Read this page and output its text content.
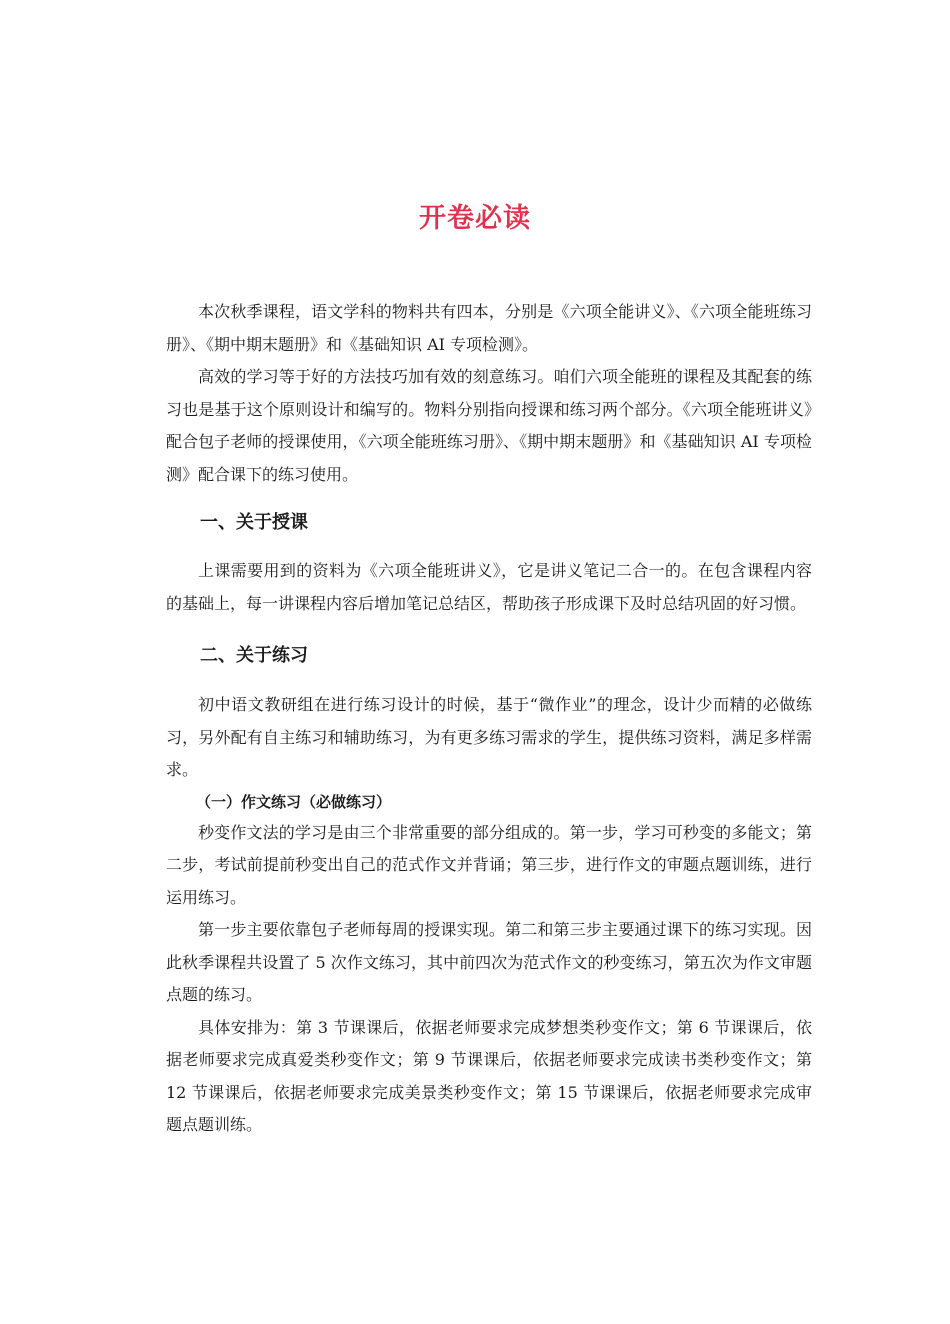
开卷必读

本次秋季课程，语文学科的物料共有四本，分别是《六项全能讲义》、《六项全能班练习册》、《期中期末题册》和《基础知识 AI 专项检测》。

高效的学习等于好的方法技巧加有效的刻意练习。咱们六项全能班的课程及其配套的练习也是基于这个原则设计和编写的。物料分别指向授课和练习两个部分。《六项全能班讲义》配合包子老师的授课使用，《六项全能班练习册》、《期中期末题册》和《基础知识 AI 专项检测》配合课下的练习使用。

一、关于授课

上课需要用到的资料为《六项全能班讲义》，它是讲义笔记二合一的。在包含课程内容的基础上，每一讲课程内容后增加笔记总结区，帮助孩子形成课下及时总结巩固的好习惯。

二、关于练习

初中语文教研组在进行练习设计的时候，基于“微作业”的理念，设计少而精的必做练习，另外配有自主练习和辅助练习，为有更多练习需求的学生，提供练习资料，满足多样需求。

（一）作文练习（必做练习）

秒变作文法的学习是由三个非常重要的部分组成的。第一步，学习可秒变的多能文；第二步，考试前提前秒变出自己的范式作文并背诵；第三步，进行作文的审题点题训练，进行运用练习。

第一步主要依靠包子老师每周的授课实现。第二和第三步主要通过课下的练习实现。因此秋季课程共设置了 5 次作文练习，其中前四次为范式作文的秒变练习，第五次为作文审题点题的练习。

具体安排为：第 3 节课课后，依据老师要求完成梦想类秒变作文；第 6 节课课后，依据老师要求完成真爱类秒变作文；第 9 节课课后，依据老师要求完成读书类秒变作文；第 12 节课课后，依据老师要求完成美景类秒变作文；第 15 节课课后，依据老师要求完成审题点题训练。
